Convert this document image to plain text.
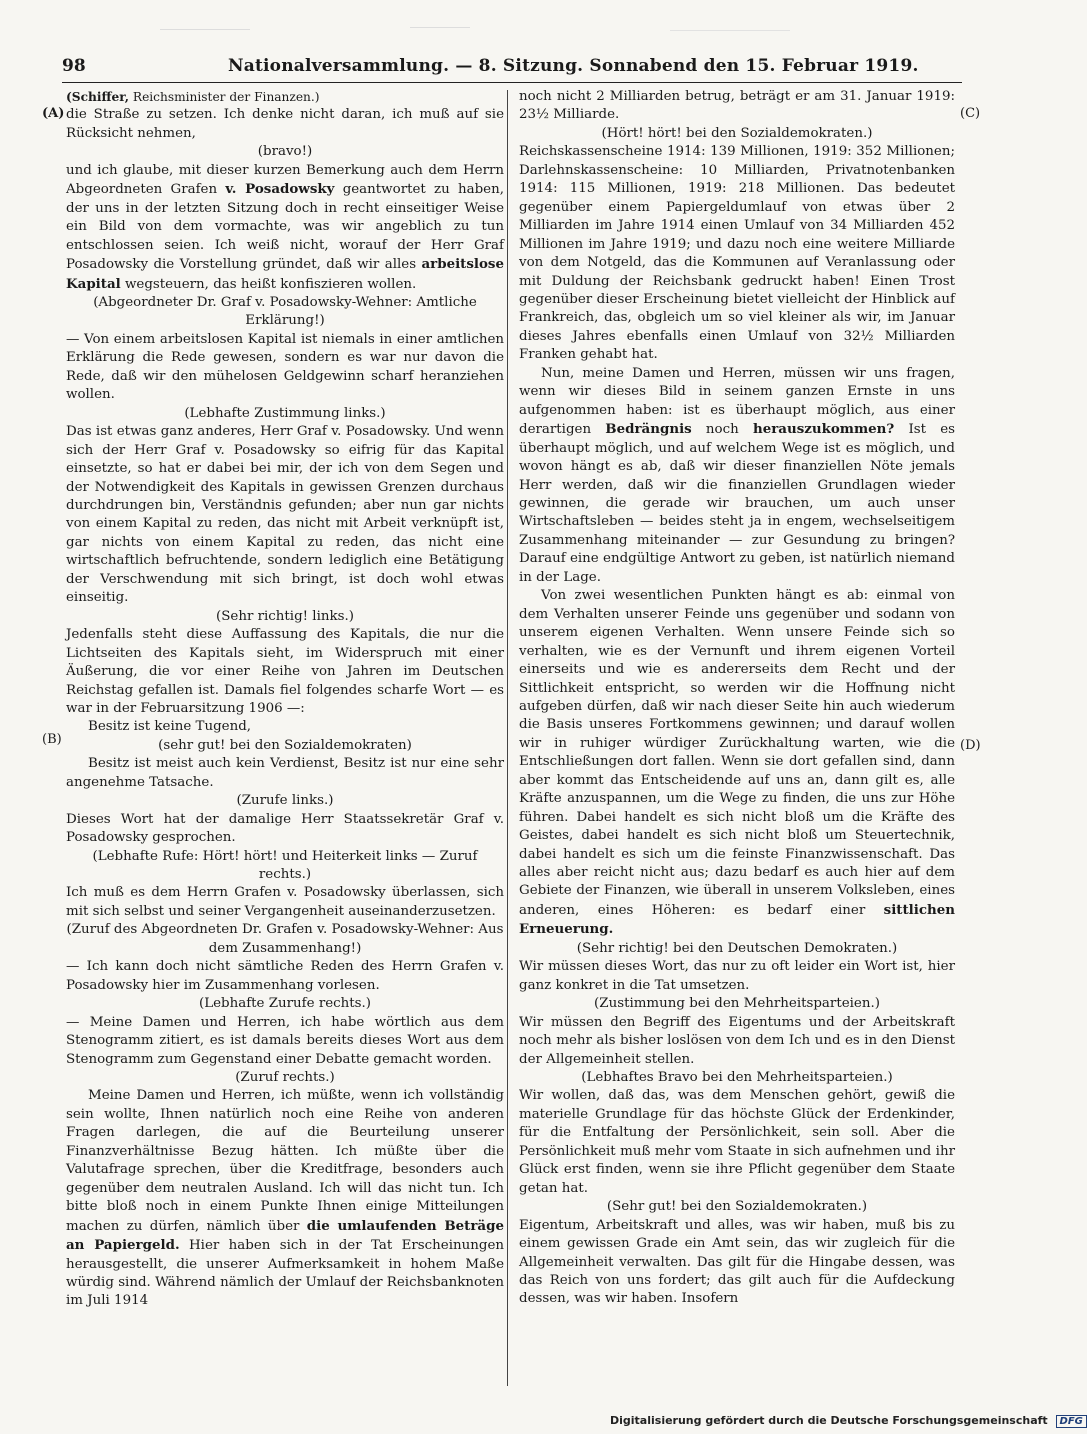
98	Nationalversammlung. — 8. Sitzung. Sonnabend den 15. Februar 1919.
(A)
(B)
(C)
(D)

(Schiffer, Reichsminister der Finanzen.)

die Straße zu setzen. Ich denke nicht daran, ich muß auf sie Rücksicht nehmen,

(bravo!)

und ich glaube, mit dieser kurzen Bemerkung auch dem Herrn Abgeordneten Grafen v. Posadowsky geantwortet zu haben, der uns in der letzten Sitzung doch in recht einseitiger Weise ein Bild von dem vormachte, was wir angeblich zu tun entschlossen seien. Ich weiß nicht, worauf der Herr Graf Posadowsky die Vorstellung gründet, daß wir alles arbeitslose Kapital wegsteuern, das heißt konfiszieren wollen.

(Abgeordneter Dr. Graf v. Posadowsky-Wehner: Amtliche Erklärung!)

— Von einem arbeitslosen Kapital ist niemals in einer amtlichen Erklärung die Rede gewesen, sondern es war nur davon die Rede, daß wir den mühelosen Geldgewinn scharf heranziehen wollen.

(Lebhafte Zustimmung links.)

Das ist etwas ganz anderes, Herr Graf v. Posadowsky. Und wenn sich der Herr Graf v. Posadowsky so eifrig für das Kapital einsetzte, so hat er dabei bei mir, der ich von dem Segen und der Notwendigkeit des Kapitals in gewissen Grenzen durchaus durchdrungen bin, Verständnis gefunden; aber nun gar nichts von einem Kapital zu reden, das nicht mit Arbeit verknüpft ist, gar nichts von einem Kapital zu reden, das nicht eine wirtschaftlich befruchtende, sondern lediglich eine Betätigung der Verschwendung mit sich bringt, ist doch wohl etwas einseitig.

(Sehr richtig! links.)

Jedenfalls steht diese Auffassung des Kapitals, die nur die Lichtseiten des Kapitals sieht, im Widerspruch mit einer Äußerung, die vor einer Reihe von Jahren im Deutschen Reichstag gefallen ist. Damals fiel folgendes scharfe Wort — es war in der Februarsitzung 1906 —:

Besitz ist keine Tugend,

(sehr gut! bei den Sozialdemokraten)

Besitz ist meist auch kein Verdienst, Besitz ist nur eine sehr angenehme Tatsache.

(Zurufe links.)

Dieses Wort hat der damalige Herr Staatssekretär Graf v. Posadowsky gesprochen.

(Lebhafte Rufe: Hört! hört! und Heiterkeit links — Zuruf rechts.)

Ich muß es dem Herrn Grafen v. Posadowsky überlassen, sich mit sich selbst und seiner Vergangenheit auseinanderzusetzen.

(Zuruf des Abgeordneten Dr. Grafen v. Posadowsky-Wehner: Aus dem Zusammenhang!)

— Ich kann doch nicht sämtliche Reden des Herrn Grafen v. Posadowsky hier im Zusammenhang vorlesen.

(Lebhafte Zurufe rechts.)

— Meine Damen und Herren, ich habe wörtlich aus dem Stenogramm zitiert, es ist damals bereits dieses Wort aus dem Stenogramm zum Gegenstand einer Debatte gemacht worden.

(Zuruf rechts.)

Meine Damen und Herren, ich müßte, wenn ich vollständig sein wollte, Ihnen natürlich noch eine Reihe von anderen Fragen darlegen, die auf die Beurteilung unserer Finanzverhältnisse Bezug hätten. Ich müßte über die Valutafrage sprechen, über die Kreditfrage, besonders auch gegenüber dem neutralen Ausland. Ich will das nicht tun. Ich bitte bloß noch in einem Punkte Ihnen einige Mitteilungen machen zu dürfen, nämlich über die umlaufenden Beträge an Papiergeld. Hier haben sich in der Tat Erscheinungen herausgestellt, die unserer Aufmerksamkeit in hohem Maße würdig sind. Während nämlich der Umlauf der Reichsbanknoten im Juli 1914

noch nicht 2 Milliarden betrug, beträgt er am 31. Januar 1919: 23½ Milliarde.

(Hört! hört! bei den Sozialdemokraten.)

Reichskassenscheine 1914: 139 Millionen, 1919: 352 Millionen; Darlehnskassenscheine: 10 Milliarden, Privatnotenbanken 1914: 115 Millionen, 1919: 218 Millionen. Das bedeutet gegenüber einem Papiergeldumlauf von etwas über 2 Milliarden im Jahre 1914 einen Umlauf von 34 Milliarden 452 Millionen im Jahre 1919; und dazu noch eine weitere Milliarde von dem Notgeld, das die Kommunen auf Veranlassung oder mit Duldung der Reichsbank gedruckt haben! Einen Trost gegenüber dieser Erscheinung bietet vielleicht der Hinblick auf Frankreich, das, obgleich um so viel kleiner als wir, im Januar dieses Jahres ebenfalls einen Umlauf von 32½ Milliarden Franken gehabt hat.

Nun, meine Damen und Herren, müssen wir uns fragen, wenn wir dieses Bild in seinem ganzen Ernste in uns aufgenommen haben: ist es überhaupt möglich, aus einer derartigen Bedrängnis noch herauszukommen? Ist es überhaupt möglich, und auf welchem Wege ist es möglich, und wovon hängt es ab, daß wir dieser finanziellen Nöte jemals Herr werden, daß wir die finanziellen Grundlagen wieder gewinnen, die gerade wir brauchen, um auch unser Wirtschaftsleben — beides steht ja in engem, wechselseitigem Zusammenhang miteinander — zur Gesundung zu bringen? Darauf eine endgültige Antwort zu geben, ist natürlich niemand in der Lage.

Von zwei wesentlichen Punkten hängt es ab: einmal von dem Verhalten unserer Feinde uns gegenüber und sodann von unserem eigenen Verhalten. Wenn unsere Feinde sich so verhalten, wie es der Vernunft und ihrem eigenen Vorteil einerseits und wie es andererseits dem Recht und der Sittlichkeit entspricht, so werden wir die Hoffnung nicht aufgeben dürfen, daß wir nach dieser Seite hin auch wiederum die Basis unseres Fortkommens gewinnen; und darauf wollen wir in ruhiger würdiger Zurückhaltung warten, wie die Entschließungen dort fallen. Wenn sie dort gefallen sind, dann aber kommt das Entscheidende auf uns an, dann gilt es, alle Kräfte anzuspannen, um die Wege zu finden, die uns zur Höhe führen. Dabei handelt es sich nicht bloß um die Kräfte des Geistes, dabei handelt es sich nicht bloß um Steuertechnik, dabei handelt es sich um die feinste Finanzwissenschaft. Das alles aber reicht nicht aus; dazu bedarf es auch hier auf dem Gebiete der Finanzen, wie überall in unserem Volksleben, eines anderen, eines Höheren: es bedarf einer sittlichen Erneuerung.

(Sehr richtig! bei den Deutschen Demokraten.)

Wir müssen dieses Wort, das nur zu oft leider ein Wort ist, hier ganz konkret in die Tat umsetzen.

(Zustimmung bei den Mehrheitsparteien.)

Wir müssen den Begriff des Eigentums und der Arbeitskraft noch mehr als bisher loslösen von dem Ich und es in den Dienst der Allgemeinheit stellen.

(Lebhaftes Bravo bei den Mehrheitsparteien.)

Wir wollen, daß das, was dem Menschen gehört, gewiß die materielle Grundlage für das höchste Glück der Erdenkinder, für die Entfaltung der Persönlichkeit, sein soll. Aber die Persönlichkeit muß mehr vom Staate in sich aufnehmen und ihr Glück erst finden, wenn sie ihre Pflicht gegenüber dem Staate getan hat.

(Sehr gut! bei den Sozialdemokraten.)

Eigentum, Arbeitskraft und alles, was wir haben, muß bis zu einem gewissen Grade ein Amt sein, das wir zugleich für die Allgemeinheit verwalten. Das gilt für die Hingabe dessen, was das Reich von uns fordert; das gilt auch für die Aufdeckung dessen, was wir haben. Insofern

Digitalisierung gefördert durch die Deutsche Forschungsgemeinschaft DFG
